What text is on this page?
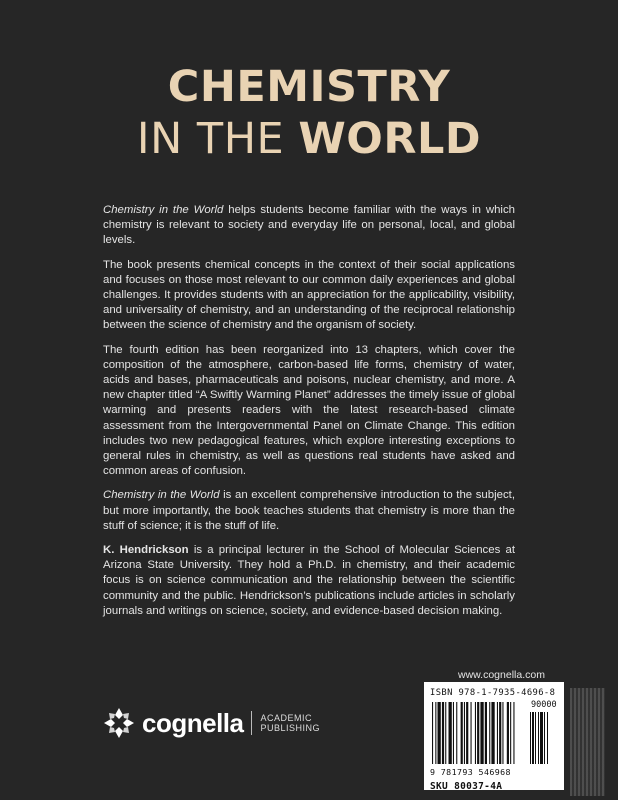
CHEMISTRY
IN THE WORLD

Chemistry in the World helps students become familiar with the ways in which chemistry is relevant to society and everyday life on personal, local, and global levels.

The book presents chemical concepts in the context of their social applications and focuses on those most relevant to our common daily experiences and global challenges. It provides students with an appreciation for the applicability, visibility, and universality of chemistry, and an understanding of the reciprocal relationship between the science of chemistry and the organism of society.

The fourth edition has been reorganized into 13 chapters, which cover the composition of the atmosphere, carbon-based life forms, chemistry of water, acids and bases, pharmaceuticals and poisons, nuclear chemistry, and more. A new chapter titled “A Swiftly Warming Planet” addresses the timely issue of global warming and presents readers with the latest research-based climate assessment from the Intergovernmental Panel on Climate Change. This edition includes two new pedagogical features, which explore interesting exceptions to general rules in chemistry, as well as questions real students have asked and common areas of confusion.

Chemistry in the World is an excellent comprehensive introduction to the subject, but more importantly, the book teaches students that chemistry is more than the stuff of science; it is the stuff of life.

K. Hendrickson is a principal lecturer in the School of Molecular Sciences at Arizona State University. They hold a Ph.D. in chemistry, and their academic focus is on science communication and the relationship between the scientific community and the public. Hendrickson’s publications include articles in scholarly journals and writings on science, society, and evidence-based decision making.

www.cognella.com
cognella ACADEMIC
PUBLISHING
ISBN 978-1-7935-4696-8
90000
9 781793 546968
SKU 80037-4A
